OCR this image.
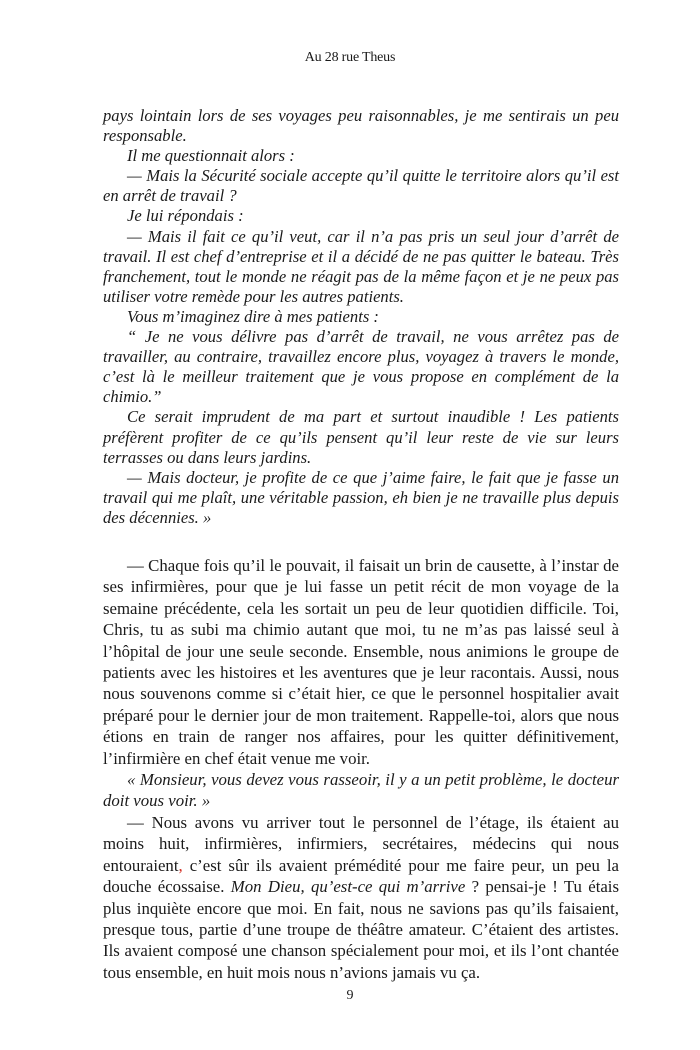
Au 28 rue Theus

pays lointain lors de ses voyages peu raisonnables, je me sentirais un peu responsable.

Il me questionnait alors :

— Mais la Sécurité sociale accepte qu’il quitte le territoire alors qu’il est en arrêt de travail ?

Je lui répondais :

— Mais il fait ce qu’il veut, car il n’a pas pris un seul jour d’arrêt de travail. Il est chef d’entreprise et il a décidé de ne pas quitter le bateau. Très franchement, tout le monde ne réagit pas de la même façon et je ne peux pas utiliser votre remède pour les autres patients.

Vous m’imaginez dire à mes patients :

“ Je ne vous délivre pas d’arrêt de travail, ne vous arrêtez pas de travailler, au contraire, travaillez encore plus, voyagez à travers le monde, c’est là le meilleur traitement que je vous propose en complément de la chimio.”

Ce serait imprudent de ma part et surtout inaudible ! Les patients préfèrent profiter de ce qu’ils pensent qu’il leur reste de vie sur leurs terrasses ou dans leurs jardins.

— Mais docteur, je profite de ce que j’aime faire, le fait que je fasse un travail qui me plaît, une véritable passion, eh bien je ne travaille plus depuis des décennies. »

— Chaque fois qu’il le pouvait, il faisait un brin de causette, à l’instar de ses infirmières, pour que je lui fasse un petit récit de mon voyage de la semaine précédente, cela les sortait un peu de leur quotidien difficile. Toi, Chris, tu as subi ma chimio autant que moi, tu ne m’as pas laissé seul à l’hôpital de jour une seule seconde. Ensemble, nous animions le groupe de patients avec les histoires et les aventures que je leur racontais. Aussi, nous nous souvenons comme si c’était hier, ce que le personnel hospitalier avait préparé pour le dernier jour de mon traitement. Rappelle-toi, alors que nous étions en train de ranger nos affaires, pour les quitter définitivement, l’infirmière en chef était venue me voir.

« Monsieur, vous devez vous rasseoir, il y a un petit problème, le docteur doit vous voir. »

— Nous avons vu arriver tout le personnel de l’étage, ils étaient au moins huit, infirmières, infirmiers, secrétaires, médecins qui nous entouraient, c’est sûr ils avaient prémédité pour me faire peur, un peu la douche écossaise. Mon Dieu, qu’est-ce qui m’arrive ? pensai-je ! Tu étais plus inquiète encore que moi. En fait, nous ne savions pas qu’ils faisaient, presque tous, partie d’une troupe de théâtre amateur. C’étaient des artistes. Ils avaient composé une chanson spécialement pour moi, et ils l’ont chantée tous ensemble, en huit mois nous n’avions jamais vu ça.

9
